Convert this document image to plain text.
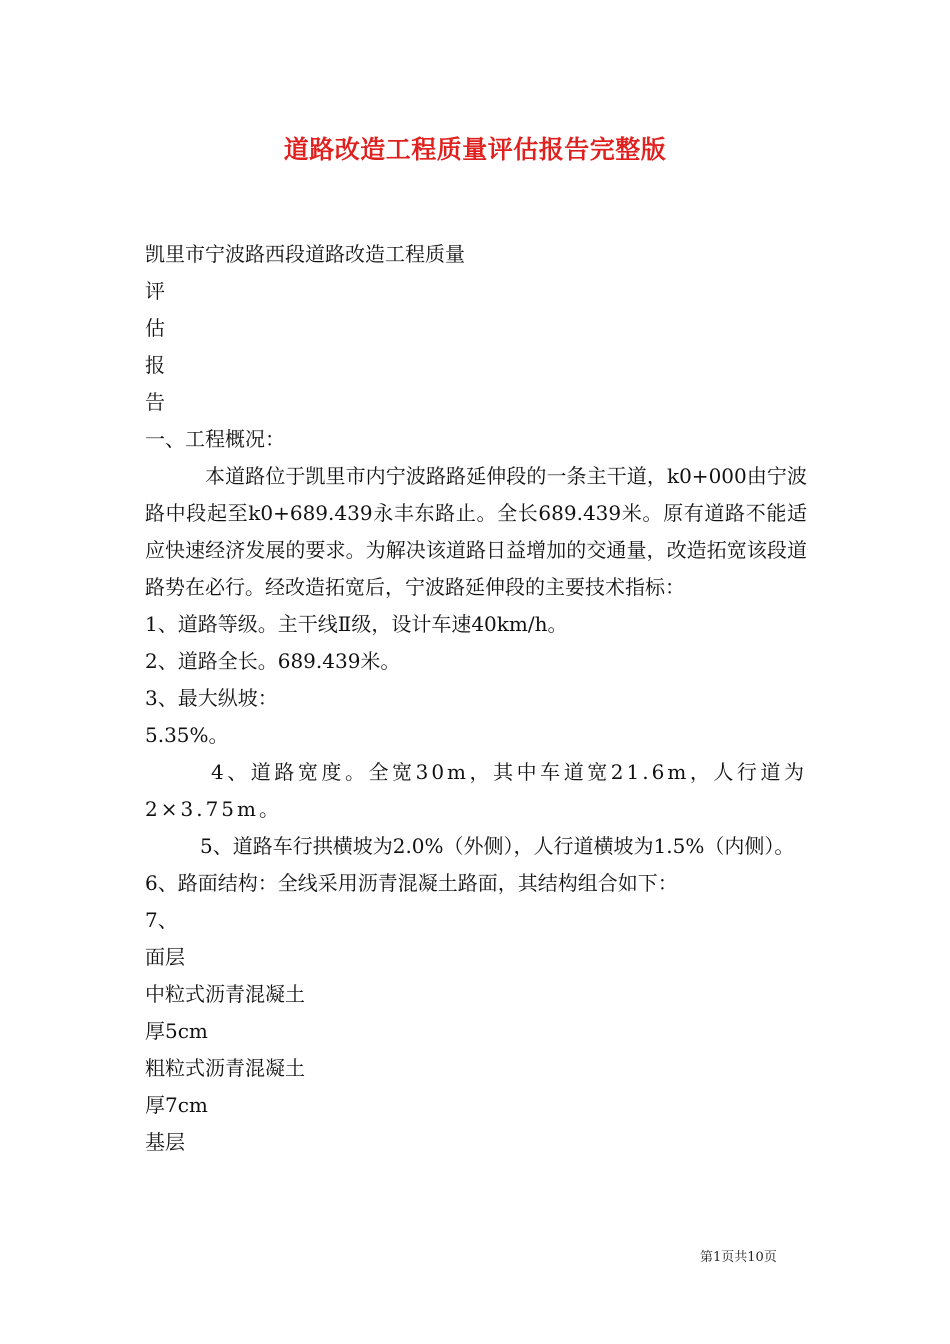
道路改造工程质量评估报告完整版

凯里市宁波路西段道路改造工程质量

评

估

报

告

一、工程概况：

本道路位于凯里市内宁波路路延伸段的一条主干道，k0+000由宁波路中段起至k0+689.439永丰东路止。全长689.439米。原有道路不能适应快速经济发展的要求。为解决该道路日益增加的交通量，改造拓宽该段道路势在必行。经改造拓宽后，宁波路延伸段的主要技术指标：

1、道路等级。主干线Ⅱ级，设计车速40km/h。

2、道路全长。689.439米。

3、最大纵坡：

5.35%。

4、道路宽度。全宽30m，其中车道宽21.6m，人行道为2×3.75m。

5、道路车行拱横坡为2.0%（外侧），人行道横坡为1.5%（内侧）。

6、路面结构：全线采用沥青混凝土路面，其结构组合如下：

7、

面层

中粒式沥青混凝土

厚5cm

粗粒式沥青混凝土

厚7cm

基层

第1页共10页
